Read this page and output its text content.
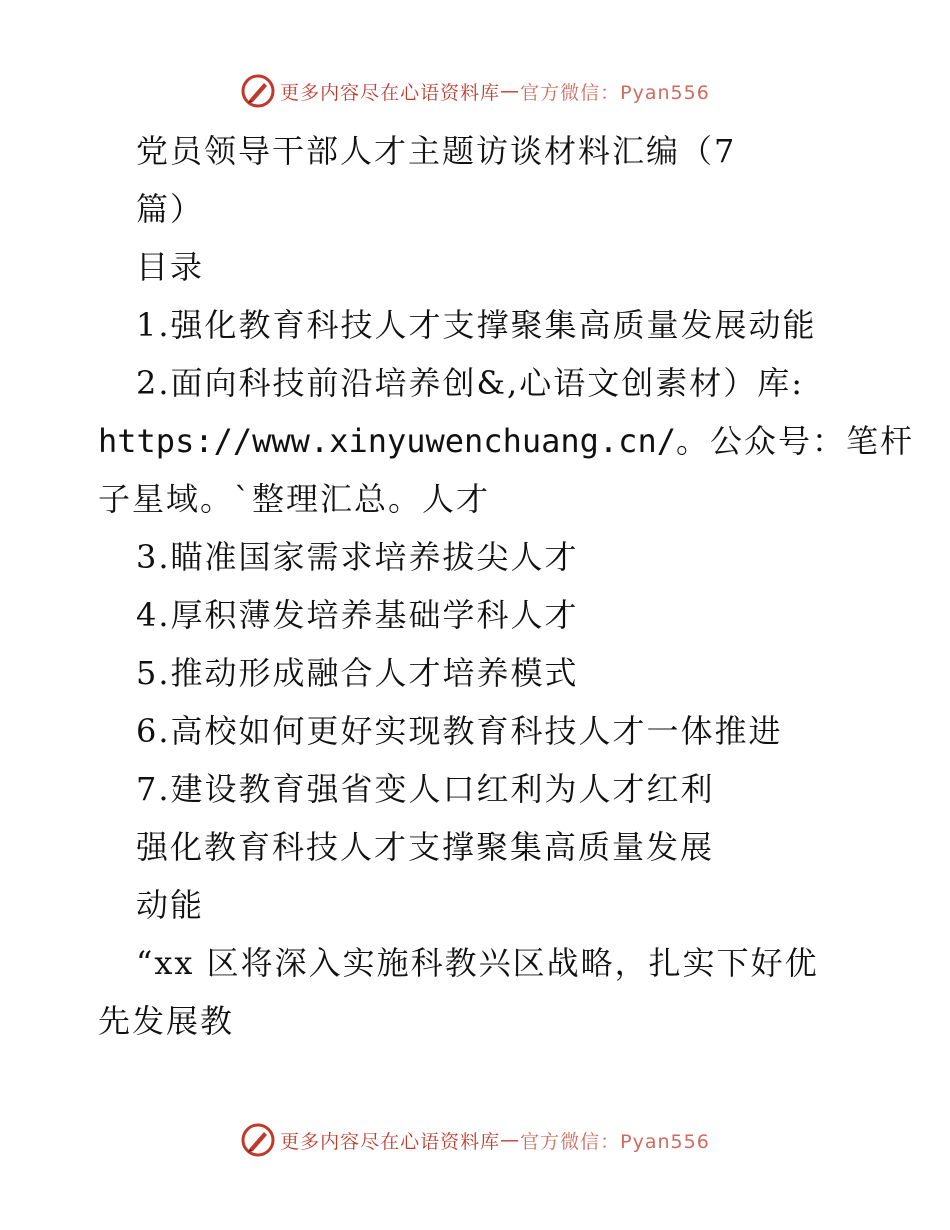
更多内容尽在心语资料库 — 官方微信：Pyan556
党员领导干部人才主题访谈材料汇编（7
篇）
目录
1.强化教育科技人才支撑聚集高质量发展动能
2.面向科技前沿培养创&,心语文创素材）库:
https://www.xinyuwenchuang.cn/。公众号：笔杆
子星域。`整理汇总。人才
3.瞄准国家需求培养拔尖人才
4.厚积薄发培养基础学科人才
5.推动形成融合人才培养模式
6.高校如何更好实现教育科技人才一体推进
7.建设教育强省变人口红利为人才红利
强化教育科技人才支撑聚集高质量发展
动能
“xx 区将深入实施科教兴区战略，扎实下好优
先发展教
更多内容尽在心语资料库 — 官方微信：Pyan556
